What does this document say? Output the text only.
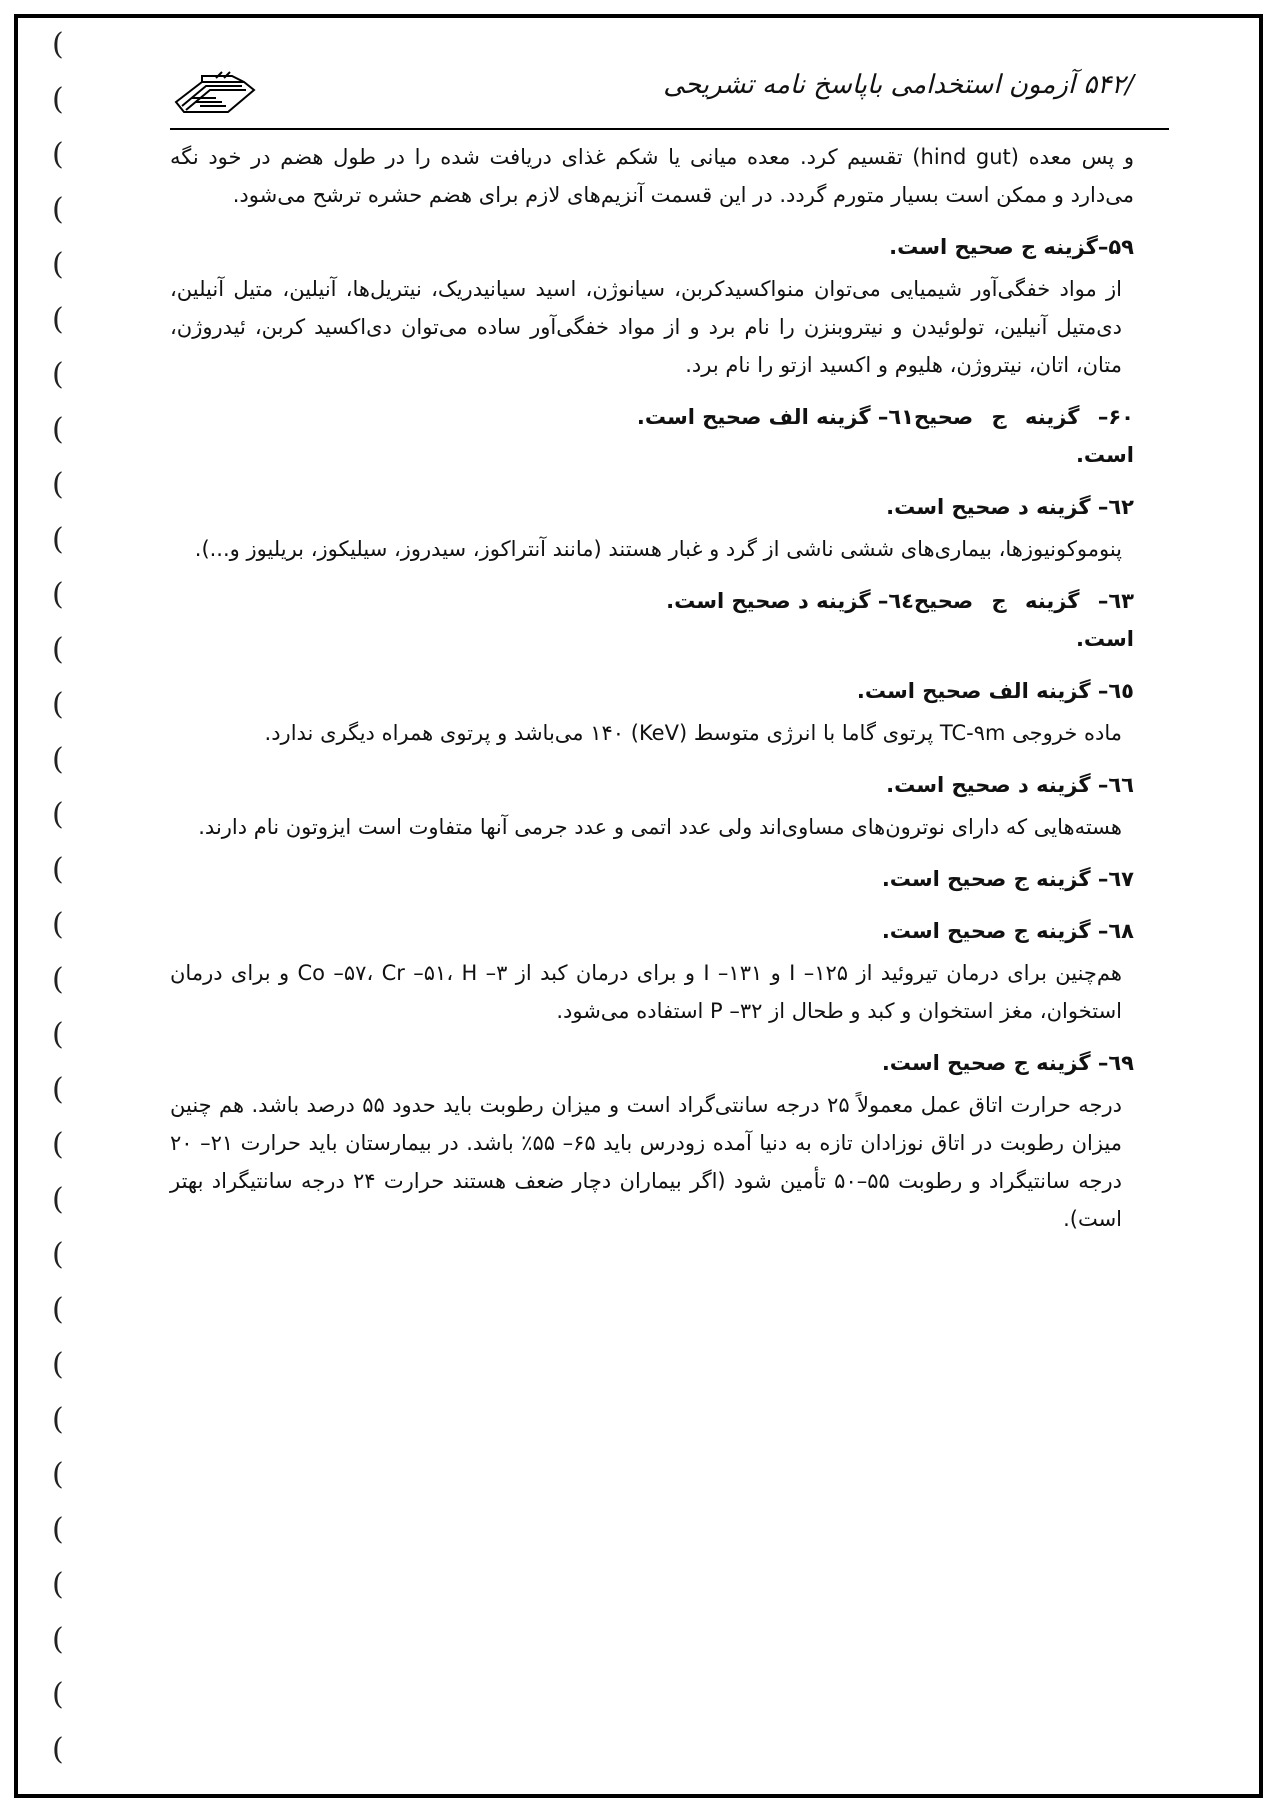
(
(
(
(
(
(
(
(
(
(
(
(
(
(
(
(
(
(
(
(
(
(
(
(
(
(
(
(
(
(
(
(
/۵۴۲ آزمون استخدامی باپاسخ نامه تشریحی

و پس معده (hind gut) تقسیم کرد. معده میانی یا شکم غذای دریافت شده را در طول هضم در خود نگه می‌دارد و ممکن است بسیار متورم گردد. در این قسمت آنزیم‌های لازم برای هضم حشره ترشح می‌شود.

۵۹–گزینه ج صحیح است.

از مواد خفگی‌آور شیمیایی می‌توان منواکسیدکربن، سیانوژن، اسید سیانیدریک، نیتریل‌ها، آنیلین، متیل آنیلین، دی‌متیل آنیلین، تولوئیدن و نیتروبنزن را نام برد و از مواد خفگی‌آور ساده می‌توان دی‌اکسید کربن، ئیدروژن، متان، اتان، نیتروژن، هلیوم و اکسید ازتو را نام برد.

۶۰– گزینه ج صحیح است.
٦١– گزینه الف صحیح است.
٦٢– گزینه د صحیح است.

پنوموکونیوزها، بیماری‌های ششی ناشی از گرد و غبار هستند (مانند آنتراکوز، سیدروز، سیلیکوز، بریلیوز و...).

٦٣– گزینه ج صحیح است.
٦٤– گزینه د صحیح است.
٦٥– گزینه الف صحیح است.

ماده خروجی TC-۹m پرتوی گاما با انرژی متوسط (KeV) ۱۴۰ می‌باشد و پرتوی همراه دیگری ندارد.

٦٦– گزینه د صحیح است.

هسته‌هایی که دارای نوترون‌های مساوی‌اند ولی عدد اتمی و عدد جرمی آنها متفاوت است ایزوتون نام دارند.

٦٧– گزینه ج صحیح است.
٦٨– گزینه ج صحیح است.

هم‌چنین برای درمان تیروئید از I –۱۲۵ و I –۱۳۱ و برای درمان کبد از Co –۵۷، Cr –۵۱، H –۳ و برای درمان استخوان، مغز استخوان و کبد و طحال از P –۳۲ استفاده می‌شود.

٦٩– گزینه ج صحیح است.

درجه حرارت اتاق عمل معمولاً ۲۵ درجه سانتی‌گراد است و میزان رطوبت باید حدود ۵۵ درصد باشد. هم چنین میزان رطوبت در اتاق نوزادان تازه به دنیا آمده زودرس باید ۶۵– ۵۵٪ باشد. در بیمارستان باید حرارت ۲۱– ۲۰ درجه سانتیگراد و رطوبت ۵۵–۵۰ تأمین شود (اگر بیماران دچار ضعف هستند حرارت ۲۴ درجه سانتیگراد بهتر است).
